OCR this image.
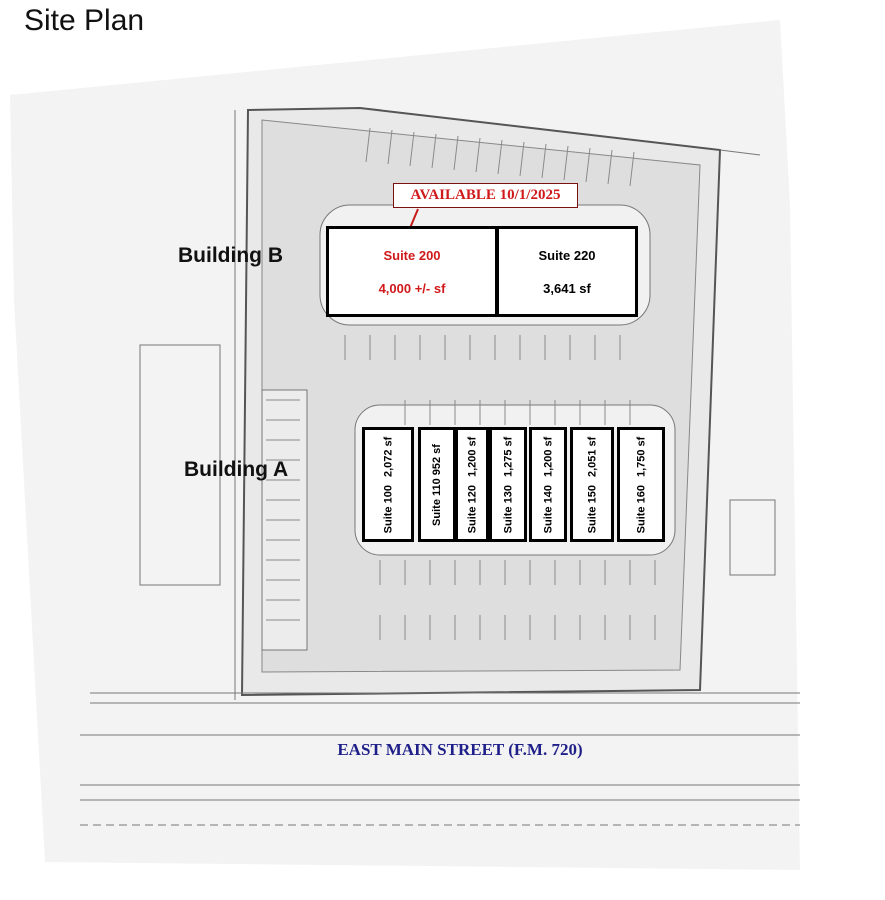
Site Plan
Building B
Building A
AVAILABLE 10/1/2025
Suite 200
4,000 +/- sf
Suite 220
3,641 sf
Suite 100
2,072 sf
Suite 110
952 sf
Suite 120
1,200 sf
Suite 130
1,275 sf
Suite 140
1,200 sf
Suite 150
2,051 sf
Suite 160
1,750 sf
EAST MAIN STREET (F.M. 720)
